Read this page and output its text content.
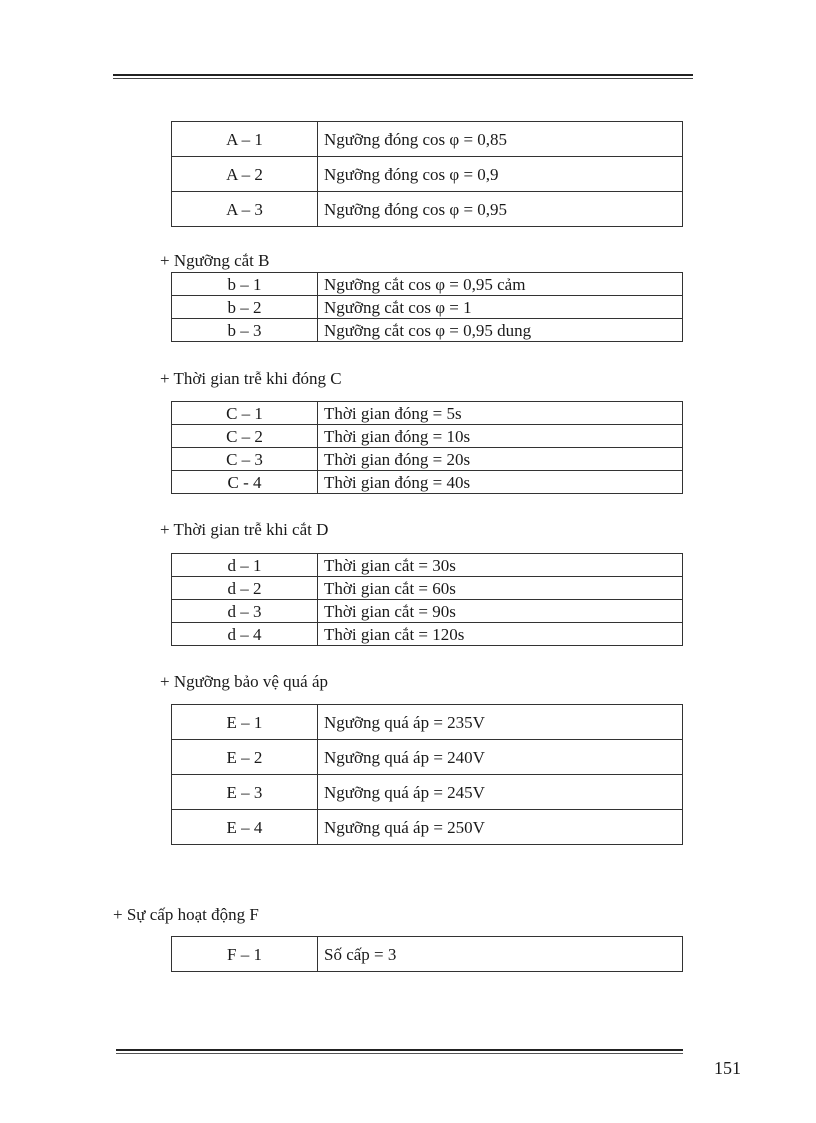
A – 1	Ngưỡng đóng cos φ = 0,85
A – 2	Ngưỡng đóng cos φ = 0,9
A – 3	Ngưỡng đóng cos φ = 0,95
+ Ngưỡng cắt B
b – 1	Ngưỡng cắt cos φ = 0,95 cảm
b – 2	Ngưỡng cắt cos φ = 1
b – 3	Ngưỡng cắt cos φ = 0,95 dung
+ Thời gian trễ khi đóng C
C – 1	Thời gian đóng = 5s
C – 2	Thời gian đóng = 10s
C – 3	Thời gian đóng = 20s
C - 4	Thời gian đóng = 40s
+ Thời gian trễ khi cắt D
d – 1	Thời gian cắt = 30s
d – 2	Thời gian cắt = 60s
d – 3	Thời gian cắt = 90s
d – 4	Thời gian cắt = 120s
+ Ngưỡng bảo vệ quá áp
E – 1	Ngưỡng quá áp = 235V
E – 2	Ngưỡng quá áp = 240V
E – 3	Ngưỡng quá áp = 245V
E – 4	Ngưỡng quá áp = 250V
+ Sự cấp hoạt động F
F – 1	Số cấp = 3
151
